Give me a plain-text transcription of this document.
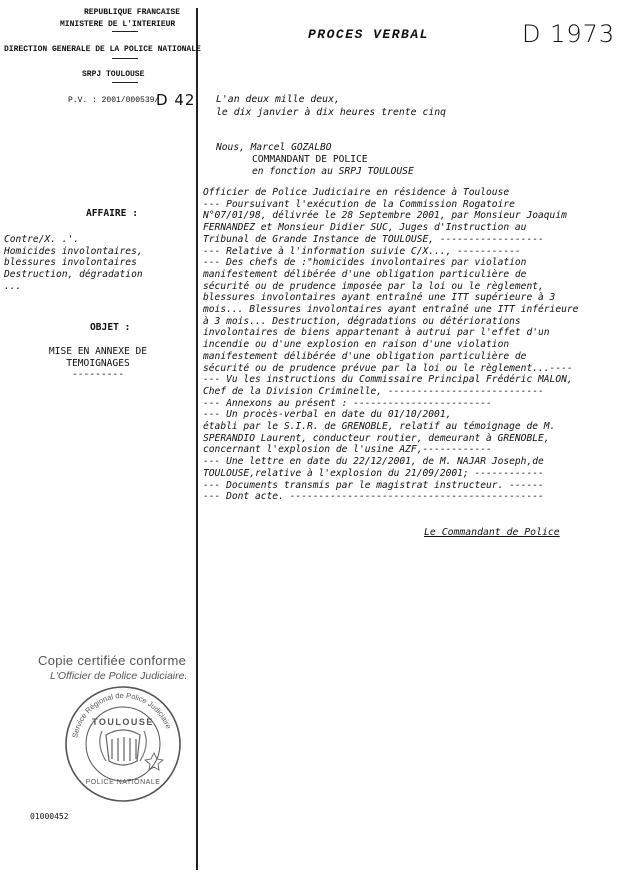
REPUBLIQUE FRANCAISE
MINISTERE DE L'INTERIEUR
DIRECTION GENERALE DE LA POLICE NATIONALE
SRPJ TOULOUSE
P.V. : 2001/000539/
D 42
PROCES VERBAL	D 1973
L'an deux mille deux,
le dix janvier à dix heures trente cinq
Nous, Marcel GOZALBO
COMMANDANT DE POLICE
en fonction au SRPJ TOULOUSE
AFFAIRE :
Contre/X. .'.
Homicides involontaires,
blessures involontaires
Destruction, dégradation
...
OBJET :
MISE EN ANNEXE DE
TEMOIGNAGES
---------
Officier de Police Judiciaire en résidence à Toulouse
--- Poursuivant l'exécution de la Commission Rogatoire
N°07/01/98, délivrée le 28 Septembre 2001, par Monsieur Joaquim
FERNANDEZ et Monsieur Didier SUC, Juges d'Instruction au
Tribunal de Grande Instance de TOULOUSE, ------------------
--- Relative à l'information suivie C/X..., -----------
--- Des chefs de :"homicides involontaires par violation
manifestement délibérée d'une obligation particulière de
sécurité ou de prudence imposée par la loi ou le règlement,
blessures involontaires ayant entraîné une ITT supérieure à 3
mois... Blessures involontaires ayant entraîné une ITT inférieure
à 3 mois... Destruction, dégradations ou détériorations
involontaires de biens appartenant à autrui par l'effet d'un
incendie ou d'une explosion en raison d'une violation
manifestement délibérée d'une obligation particulière de
sécurité ou de prudence prévue par la loi ou le règlement...----
--- Vu les instructions du Commissaire Principal Frédéric MALON,
Chef de la Division Criminelle, ---------------------------
--- Annexons au présent : ------------------------
--- Un procès-verbal en date du 01/10/2001,
établi par le S.I.R. de GRENOBLE, relatif au témoignage de M.
SPERANDIO Laurent, conducteur routier, demeurant à GRENOBLE,
concernant l'explosion de l'usine AZF,------------
--- Une lettre en date du 22/12/2001, de M. NAJAR Joseph,de
TOULOUSE,relative à l'explosion du 21/09/2001; ------------
--- Documents transmis par le magistrat instructeur. ------
--- Dont acte. --------------------------------------------
Le Commandant de Police
Copie certifiée conforme
L'Officier de Police Judiciaire.
Service Régional de Police Judiciaire
TOULOUSE
POLICE NATIONALE
01000452
